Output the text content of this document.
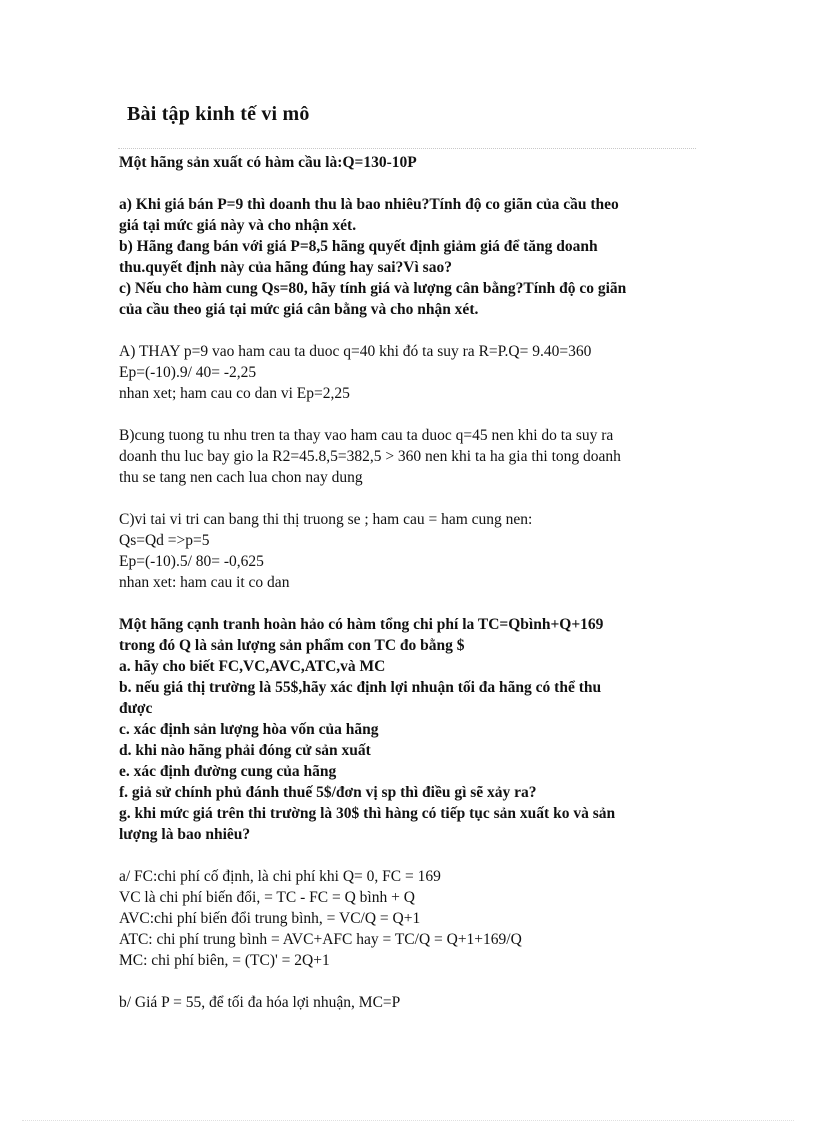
Bài tập kinh tế vi mô

Một hãng sản xuất có hàm cầu là:Q=130-10P

a) Khi giá bán P=9 thì doanh thu là bao nhiêu?Tính độ co giãn của cầu theo

giá tại mức giá này và cho nhận xét.

b) Hãng đang bán với giá P=8,5 hãng quyết định giảm giá để tăng doanh

thu.quyết định này của hãng đúng hay sai?Vì sao?

c) Nếu cho hàm cung Qs=80, hãy tính giá và lượng cân bằng?Tính độ co giãn

của cầu theo giá tại mức giá cân bằng và cho nhận xét.

A) THAY p=9 vao ham cau ta duoc q=40 khi đó ta suy ra R=P.Q= 9.40=360

Ep=(-10).9/ 40= -2,25

nhan xet; ham cau co dan vi Ep=2,25

B)cung tuong tu nhu tren ta thay vao ham cau ta duoc q=45 nen khi do ta suy ra

doanh thu luc bay gio la R2=45.8,5=382,5 > 360 nen khi ta ha gia thi tong doanh

thu se tang nen cach lua chon nay dung

C)vi tai vi tri can bang thi thị truong se ; ham cau = ham cung nen:

Qs=Qd =>p=5

Ep=(-10).5/ 80= -0,625

nhan xet: ham cau it co dan

Một hãng cạnh tranh hoàn hảo có hàm tổng chi phí la TC=Qbình+Q+169

trong đó Q là sản lượng sản phẩm con TC đo bằng $

a. hãy cho biết FC,VC,AVC,ATC,và MC

b. nếu giá thị trường là 55$,hãy xác định lợi nhuận tối đa hãng có thể thu

được

c. xác định sản lượng hòa vốn của hãng

d. khi nào hãng phải đóng cử sản xuất

e. xác định đường cung của hãng

f. giả sử chính phủ đánh thuế 5$/đơn vị sp thì điều gì sẽ xảy ra?

g. khi mức giá trên thi trường là 30$ thì hàng có tiếp tục sản xuất ko và sản

lượng là bao nhiêu?

a/ FC:chi phí cố định, là chi phí khi Q= 0, FC = 169

VC là chi phí biến đổi, = TC - FC = Q bình + Q

AVC:chi phí biến đổi trung bình, = VC/Q = Q+1

ATC: chi phí trung bình = AVC+AFC hay = TC/Q = Q+1+169/Q

MC: chi phí biên, = (TC)' = 2Q+1

b/ Giá P = 55, để tối đa hóa lợi nhuận, MC=P
